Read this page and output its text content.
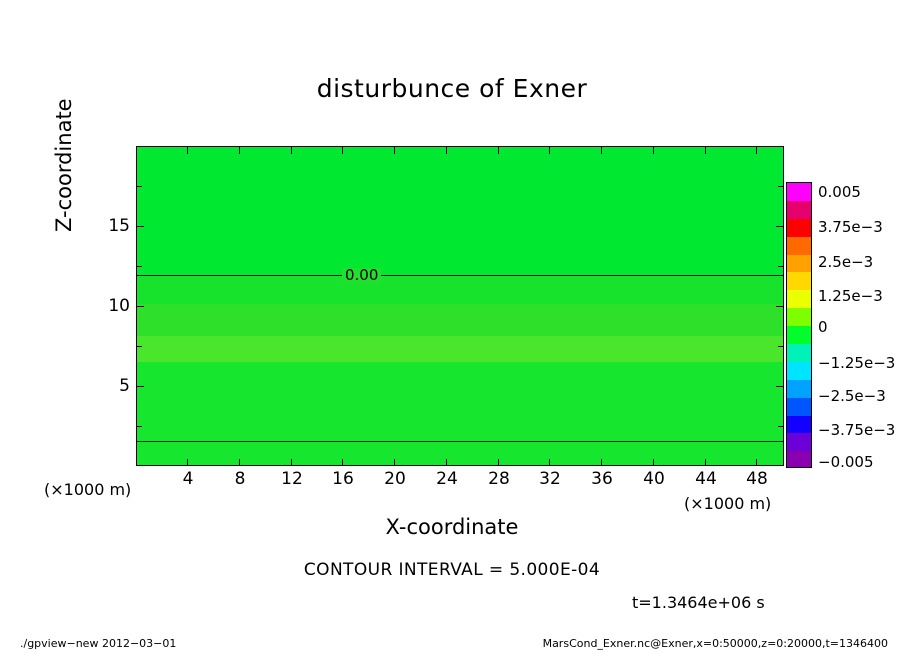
disturbunce of Exner
0.00
4 8 12 16 20 24 28 32 36 40 44 48
15
10
5
X-coordinate
Z-coordinate
(×1000 m)
(×1000 m)
0.005
3.75e−3
2.5e−3
1.25e−3
0
−1.25e−3
−2.5e−3
−3.75e−3
−0.005
CONTOUR INTERVAL = 5.000E-04
t=1.3464e+06 s
./gpview−new 2012−03−01	MarsCond_Exner.nc@Exner,x=0:50000,z=0:20000,t=1346400
